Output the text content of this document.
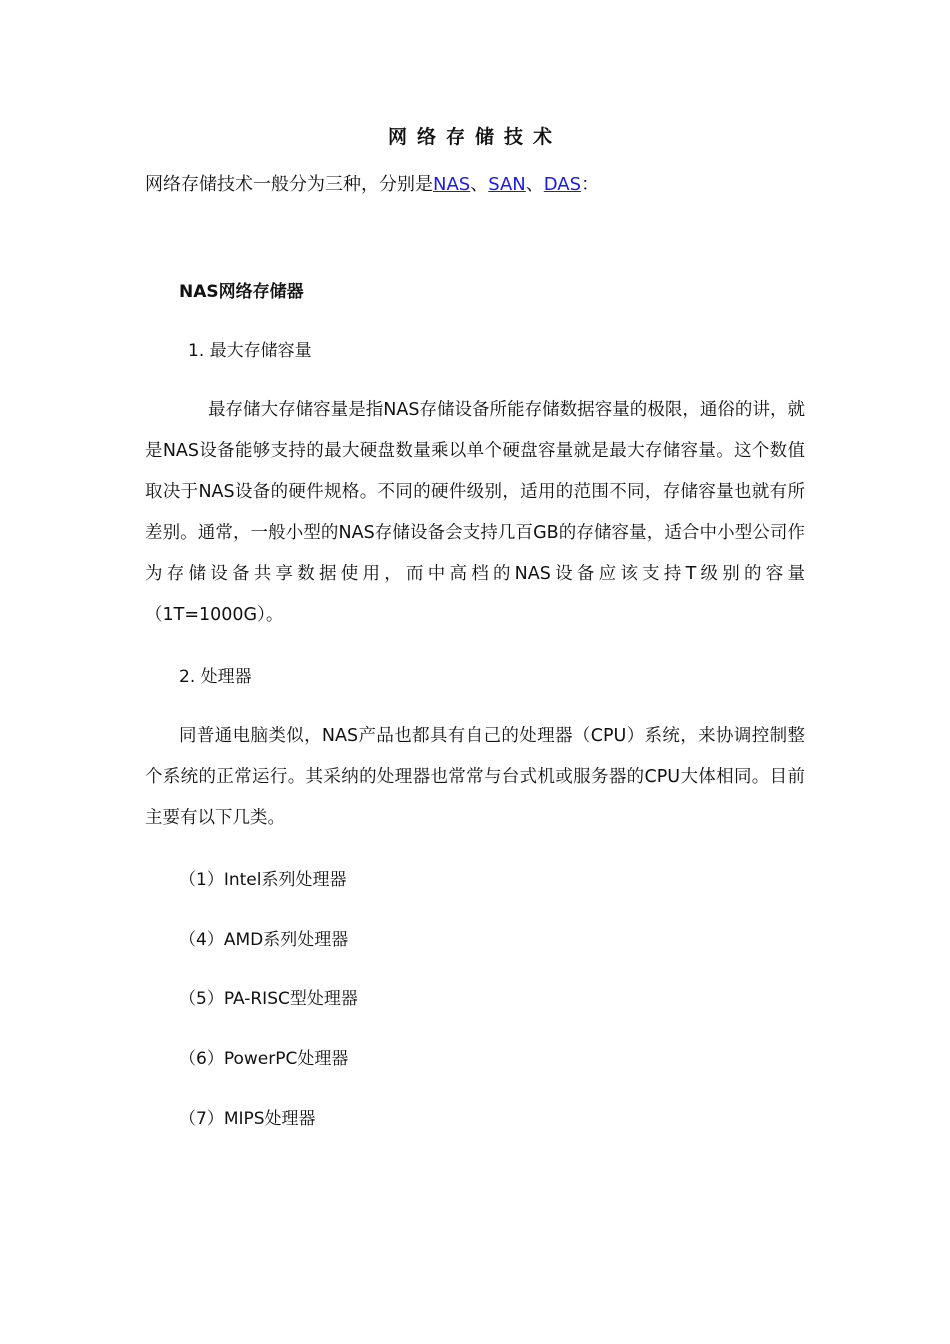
网络存储技术
网络存储技术一般分为三种，分别是NAS、SAN、DAS：
NAS网络存储器
1. 最大存储容量
最存储大存储容量是指NAS存储设备所能存储数据容量的极限，通俗的讲，就是NAS设备能够支持的最大硬盘数量乘以单个硬盘容量就是最大存储容量。这个数值取决于NAS设备的硬件规格。不同的硬件级别，适用的范围不同，存储容量也就有所差别。通常，一般小型的NAS存储设备会支持几百GB的存储容量，适合中小型公司作为存储设备共享数据使用，而中高档的NAS设备应该支持T级别的容量（1T=1000G）。
2. 处理器
同普通电脑类似，NAS产品也都具有自己的处理器（CPU）系统，来协调控制整个系统的正常运行。其采纳的处理器也常常与台式机或服务器的CPU大体相同。目前主要有以下几类。
（1）Intel系列处理器
（4）AMD系列处理器
（5）PA-RISC型处理器
（6）PowerPC处理器
（7）MIPS处理器
